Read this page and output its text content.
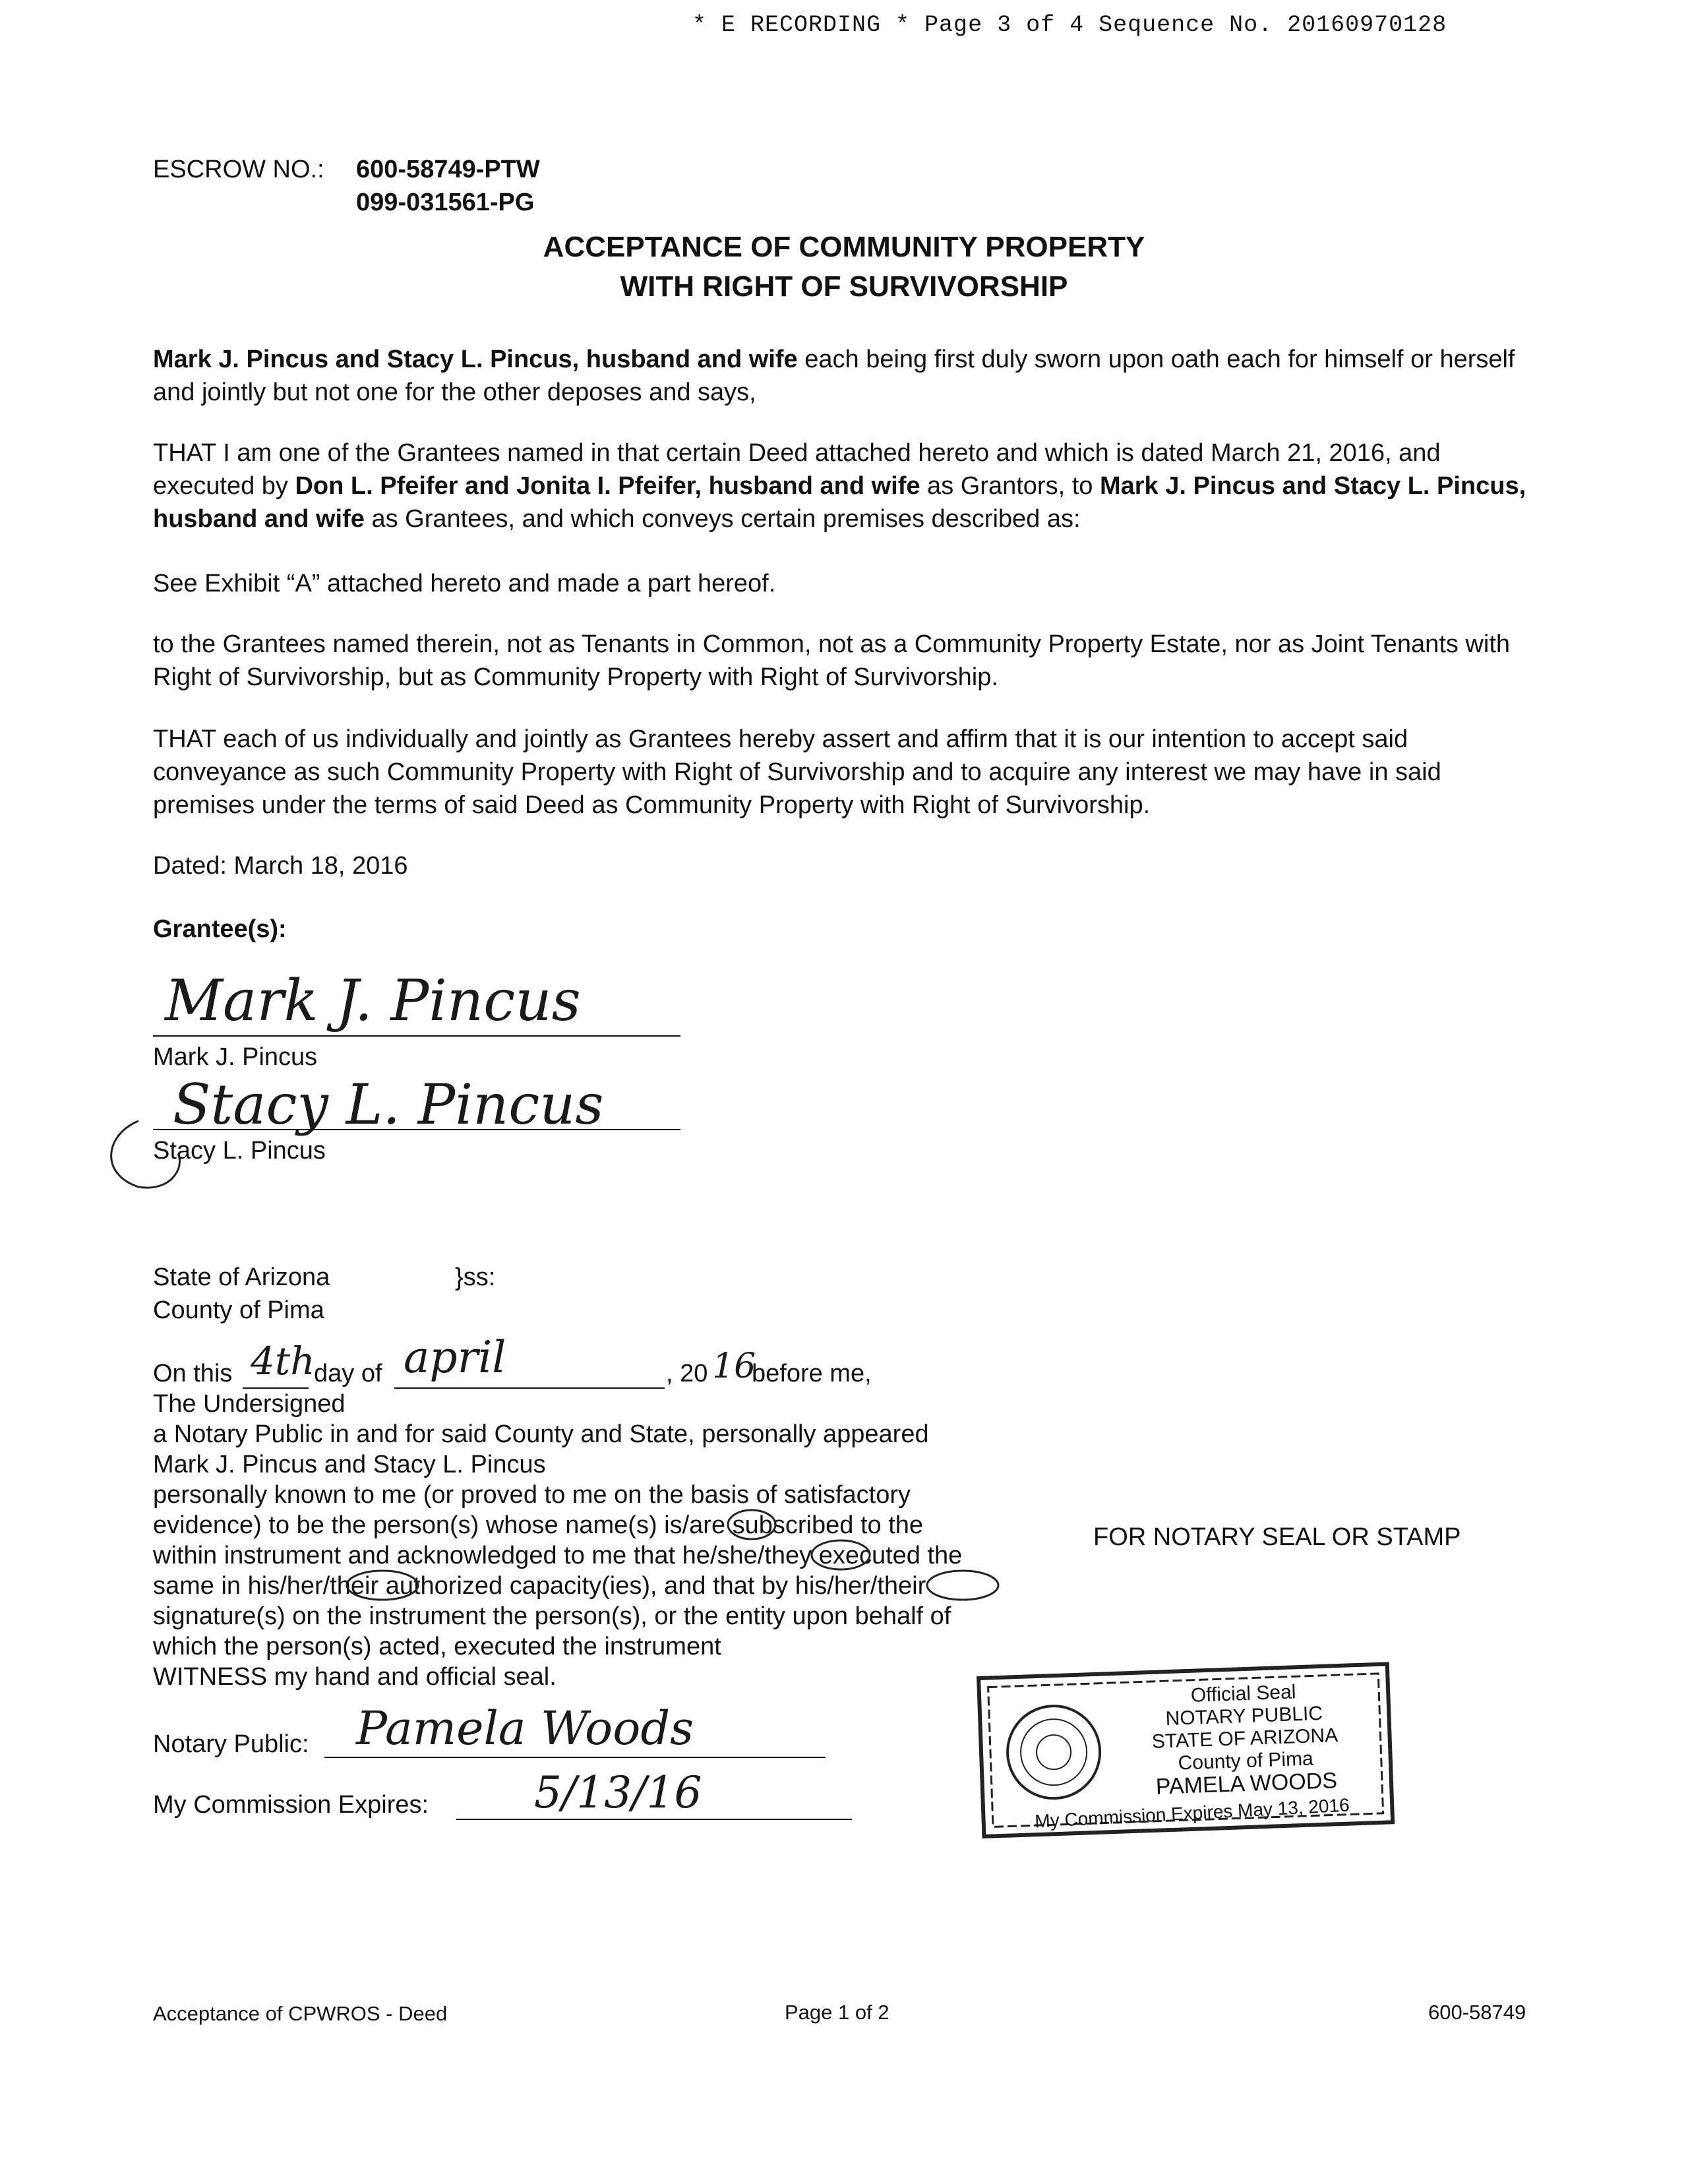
* E RECORDING * Page 3 of 4 Sequence No. 20160970128
ESCROW NO.: 600-58749-PTW
099-031561-PG
ACCEPTANCE OF COMMUNITY PROPERTY
WITH RIGHT OF SURVIVORSHIP
Mark J. Pincus and Stacy L. Pincus, husband and wife each being first duly sworn upon oath each for himself or herself and jointly but not one for the other deposes and says,
THAT I am one of the Grantees named in that certain Deed attached hereto and which is dated March 21, 2016, and executed by Don L. Pfeifer and Jonita I. Pfeifer, husband and wife as Grantors, to Mark J. Pincus and Stacy L. Pincus, husband and wife as Grantees, and which conveys certain premises described as:
See Exhibit “A” attached hereto and made a part hereof.
to the Grantees named therein, not as Tenants in Common, not as a Community Property Estate, nor as Joint Tenants with Right of Survivorship, but as Community Property with Right of Survivorship.
THAT each of us individually and jointly as Grantees hereby assert and affirm that it is our intention to accept said conveyance as such Community Property with Right of Survivorship and to acquire any interest we may have in said premises under the terms of said Deed as Community Property with Right of Survivorship.
Dated: March 18, 2016
Grantee(s):
Mark J. Pincus
Mark J. Pincus
Stacy L. Pincus
Stacy L. Pincus
State of Arizona	}ss:
County of Pima
On this 4th
day of april	, 20 16
before me,
The Undersigned
a Notary Public in and for said County and State, personally appeared
Mark J. Pincus and Stacy L. Pincus
personally known to me (or proved to me on the basis of satisfactory
evidence) to be the person(s) whose name(s) is/are subscribed to the
within instrument and acknowledged to me that he/she/they executed the
same in his/her/their authorized capacity(ies), and that by his/her/their
signature(s) on the instrument the person(s), or the entity upon behalf of
which the person(s) acted, executed the instrument
WITNESS my hand and official seal.
Notary Public: Pamela Woods
My Commission Expires: 5/13/16
FOR NOTARY SEAL OR STAMP
Official Seal
NOTARY PUBLIC
STATE OF ARIZONA
County of Pima
PAMELA WOODS
My Commission Expires May 13, 2016
Acceptance of CPWROS - Deed	Page 1 of 2	600-58749
